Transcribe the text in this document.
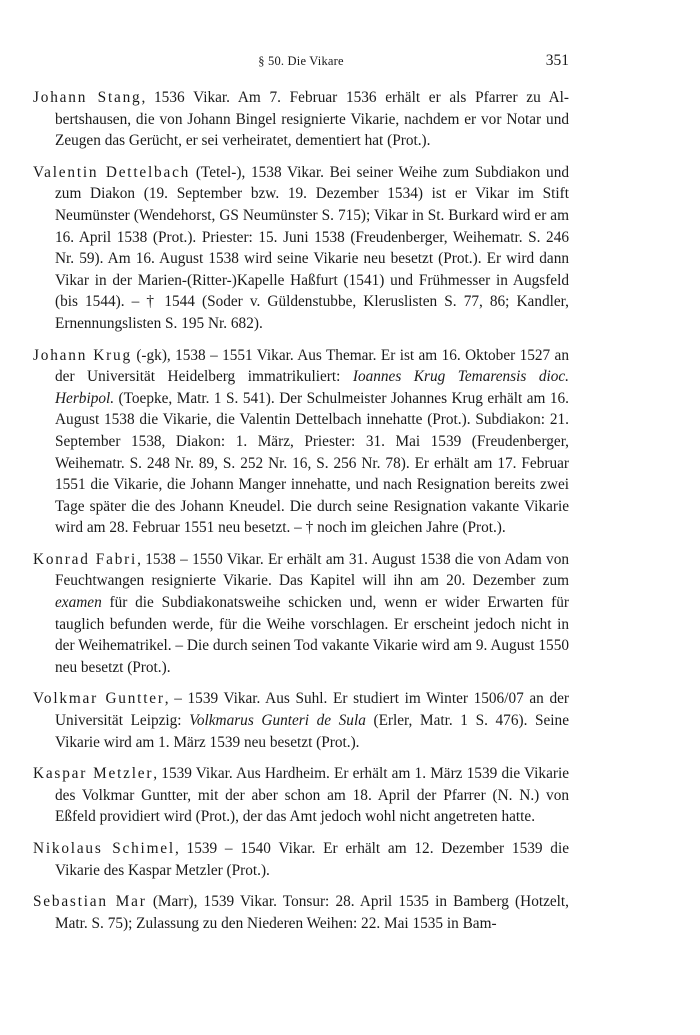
§ 50. Die Vikare	351

Johann Stang, 1536 Vikar. Am 7. Februar 1536 erhält er als Pfarrer zu Albertshausen, die von Johann Bingel resignierte Vikarie, nachdem er vor Notar und Zeugen das Gerücht, er sei verheiratet, dementiert hat (Prot.).

Valentin Dettelbach (Tetel-), 1538 Vikar. Bei seiner Weihe zum Subdiakon und zum Diakon (19. September bzw. 19. Dezember 1534) ist er Vikar im Stift Neumünster (Wendehorst, GS Neumünster S. 715); Vikar in St. Burkard wird er am 16. April 1538 (Prot.). Priester: 15. Juni 1538 (Freudenberger, Weihematr. S. 246 Nr. 59). Am 16. August 1538 wird seine Vikarie neu besetzt (Prot.). Er wird dann Vikar in der Marien-(Ritter-)Kapelle Haßfurt (1541) und Frühmesser in Augsfeld (bis 1544). – † 1544 (Soder v. Güldenstubbe, Kleruslisten S. 77, 86; Kandler, Ernennungslisten S. 195 Nr. 682).

Johann Krug (-gk), 1538 – 1551 Vikar. Aus Themar. Er ist am 16. Oktober 1527 an der Universität Heidelberg immatrikuliert: Ioannes Krug Temarensis dioc. Herbipol. (Toepke, Matr. 1 S. 541). Der Schulmeister Johannes Krug erhält am 16. August 1538 die Vikarie, die Valentin Dettelbach innehatte (Prot.). Subdiakon: 21. September 1538, Diakon: 1. März, Priester: 31. Mai 1539 (Freudenberger, Weihematr. S. 248 Nr. 89, S. 252 Nr. 16, S. 256 Nr. 78). Er erhält am 17. Februar 1551 die Vikarie, die Johann Manger innehatte, und nach Resignation bereits zwei Tage später die des Johann Kneudel. Die durch seine Resignation vakante Vikarie wird am 28. Februar 1551 neu besetzt. – † noch im gleichen Jahre (Prot.).

Konrad Fabri, 1538 – 1550 Vikar. Er erhält am 31. August 1538 die von Adam von Feuchtwangen resignierte Vikarie. Das Kapitel will ihn am 20. Dezember zum examen für die Subdiakonatsweihe schicken und, wenn er wider Erwarten für tauglich befunden werde, für die Weihe vorschlagen. Er erscheint jedoch nicht in der Weihematrikel. – Die durch seinen Tod vakante Vikarie wird am 9. August 1550 neu besetzt (Prot.).

Volkmar Guntter, – 1539 Vikar. Aus Suhl. Er studiert im Winter 1506/07 an der Universität Leipzig: Volkmarus Gunteri de Sula (Erler, Matr. 1 S. 476). Seine Vikarie wird am 1. März 1539 neu besetzt (Prot.).

Kaspar Metzler, 1539 Vikar. Aus Hardheim. Er erhält am 1. März 1539 die Vikarie des Volkmar Guntter, mit der aber schon am 18. April der Pfarrer (N. N.) von Eßfeld providiert wird (Prot.), der das Amt jedoch wohl nicht angetreten hatte.

Nikolaus Schimel, 1539 – 1540 Vikar. Er erhält am 12. Dezember 1539 die Vikarie des Kaspar Metzler (Prot.).

Sebastian Mar (Marr), 1539 Vikar. Tonsur: 28. April 1535 in Bamberg (Hotzelt, Matr. S. 75); Zulassung zu den Niederen Weihen: 22. Mai 1535 in Bam-
